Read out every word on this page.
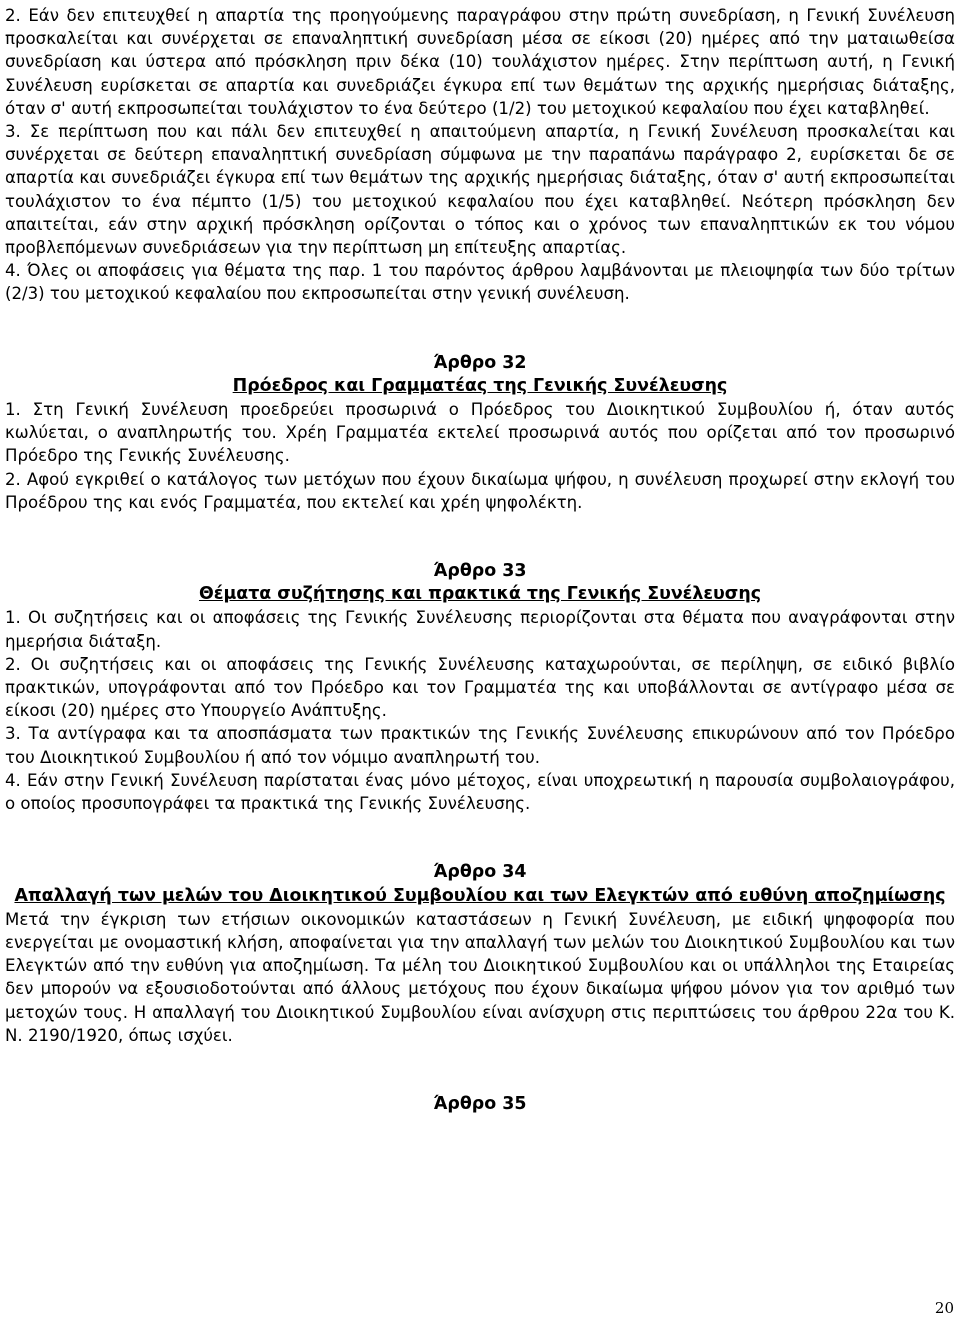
2. Εάν δεν επιτευχθεί η απαρτία της προηγούμενης παραγράφου στην πρώτη συνεδρίαση, η Γενική Συνέλευση προσκαλείται και συνέρχεται σε επαναληπτική συνεδρίαση μέσα σε είκοσι (20) ημέρες από την ματαιωθείσα συνεδρίαση και ύστερα από πρόσκληση πριν δέκα (10) τουλάχιστον ημέρες. Στην περίπτωση αυτή, η Γενική Συνέλευση ευρίσκεται σε απαρτία και συνεδριάζει έγκυρα επί των θεμάτων της αρχικής ημερήσιας διάταξης, όταν σ' αυτή εκπροσωπείται τουλάχιστον το ένα δεύτερο (1/2) του μετοχικού κεφαλαίου που έχει καταβληθεί.

3. Σε περίπτωση που και πάλι δεν επιτευχθεί η απαιτούμενη απαρτία, η Γενική Συνέλευση προσκαλείται και συνέρχεται σε δεύτερη επαναληπτική συνεδρίαση σύμφωνα με την παραπάνω παράγραφο 2, ευρίσκεται δε σε απαρτία και συνεδριάζει έγκυρα επί των θεμάτων της αρχικής ημερήσιας διάταξης, όταν σ' αυτή εκπροσωπείται τουλάχιστον το ένα πέμπτο (1/5) του μετοχικού κεφαλαίου που έχει καταβληθεί. Νεότερη πρόσκληση δεν απαιτείται, εάν στην αρχική πρόσκληση ορίζονται ο τόπος και ο χρόνος των επαναληπτικών εκ του νόμου προβλεπόμενων συνεδριάσεων για την περίπτωση μη επίτευξης απαρτίας.

4. Όλες οι αποφάσεις για θέματα της παρ. 1 του παρόντος άρθρου λαμβάνονται με πλειοψηφία των δύο τρίτων (2/3) του μετοχικού κεφαλαίου που εκπροσωπείται στην γενική συνέλευση.

Άρθρο 32

Πρόεδρος και Γραμματέας της Γενικής Συνέλευσης

1. Στη Γενική Συνέλευση προεδρεύει προσωρινά ο Πρόεδρος του Διοικητικού Συμβουλίου ή, όταν αυτός κωλύεται, ο αναπληρωτής του. Χρέη Γραμματέα εκτελεί προσωρινά αυτός που ορίζεται από τον προσωρινό Πρόεδρο της Γενικής Συνέλευσης.

2. Αφού εγκριθεί ο κατάλογος των μετόχων που έχουν δικαίωμα ψήφου, η συνέλευση προχωρεί στην εκλογή του Προέδρου της και ενός Γραμματέα, που εκτελεί και χρέη ψηφολέκτη.

Άρθρο 33

Θέματα συζήτησης και πρακτικά της Γενικής Συνέλευσης

1. Οι συζητήσεις και οι αποφάσεις της Γενικής Συνέλευσης περιορίζονται στα θέματα που αναγράφονται στην ημερήσια διάταξη.

2. Οι συζητήσεις και οι αποφάσεις της Γενικής Συνέλευσης καταχωρούνται, σε περίληψη, σε ειδικό βιβλίο πρακτικών, υπογράφονται από τον Πρόεδρο και τον Γραμματέα της και υποβάλλονται σε αντίγραφο μέσα σε είκοσι (20) ημέρες στο Υπουργείο Ανάπτυξης.

3. Τα αντίγραφα και τα αποσπάσματα των πρακτικών της Γενικής Συνέλευσης επικυρώνουν από τον Πρόεδρο του Διοικητικού Συμβουλίου ή από τον νόμιμο αναπληρωτή του.

4. Εάν στην Γενική Συνέλευση παρίσταται ένας μόνο μέτοχος, είναι υποχρεωτική η παρουσία συμβολαιογράφου, ο οποίος προσυπογράφει τα πρακτικά της Γενικής Συνέλευσης.

Άρθρο 34

Απαλλαγή των μελών του Διοικητικού Συμβουλίου και των Ελεγκτών από ευθύνη αποζημίωσης

Μετά την έγκριση των ετήσιων οικονομικών καταστάσεων η Γενική Συνέλευση, με ειδική ψηφοφορία που ενεργείται με ονομαστική κλήση, αποφαίνεται για την απαλλαγή των μελών του Διοικητικού Συμβουλίου και των Ελεγκτών από την ευθύνη για αποζημίωση. Τα μέλη του Διοικητικού Συμβουλίου και οι υπάλληλοι της Εταιρείας δεν μπορούν να εξουσιοδοτούνται από άλλους μετόχους που έχουν δικαίωμα ψήφου μόνον για τον αριθμό των μετοχών τους. Η απαλλαγή του Διοικητικού Συμβουλίου είναι ανίσχυρη στις περιπτώσεις του άρθρου 22α του Κ. Ν. 2190/1920, όπως ισχύει.

Άρθρο 35

20
